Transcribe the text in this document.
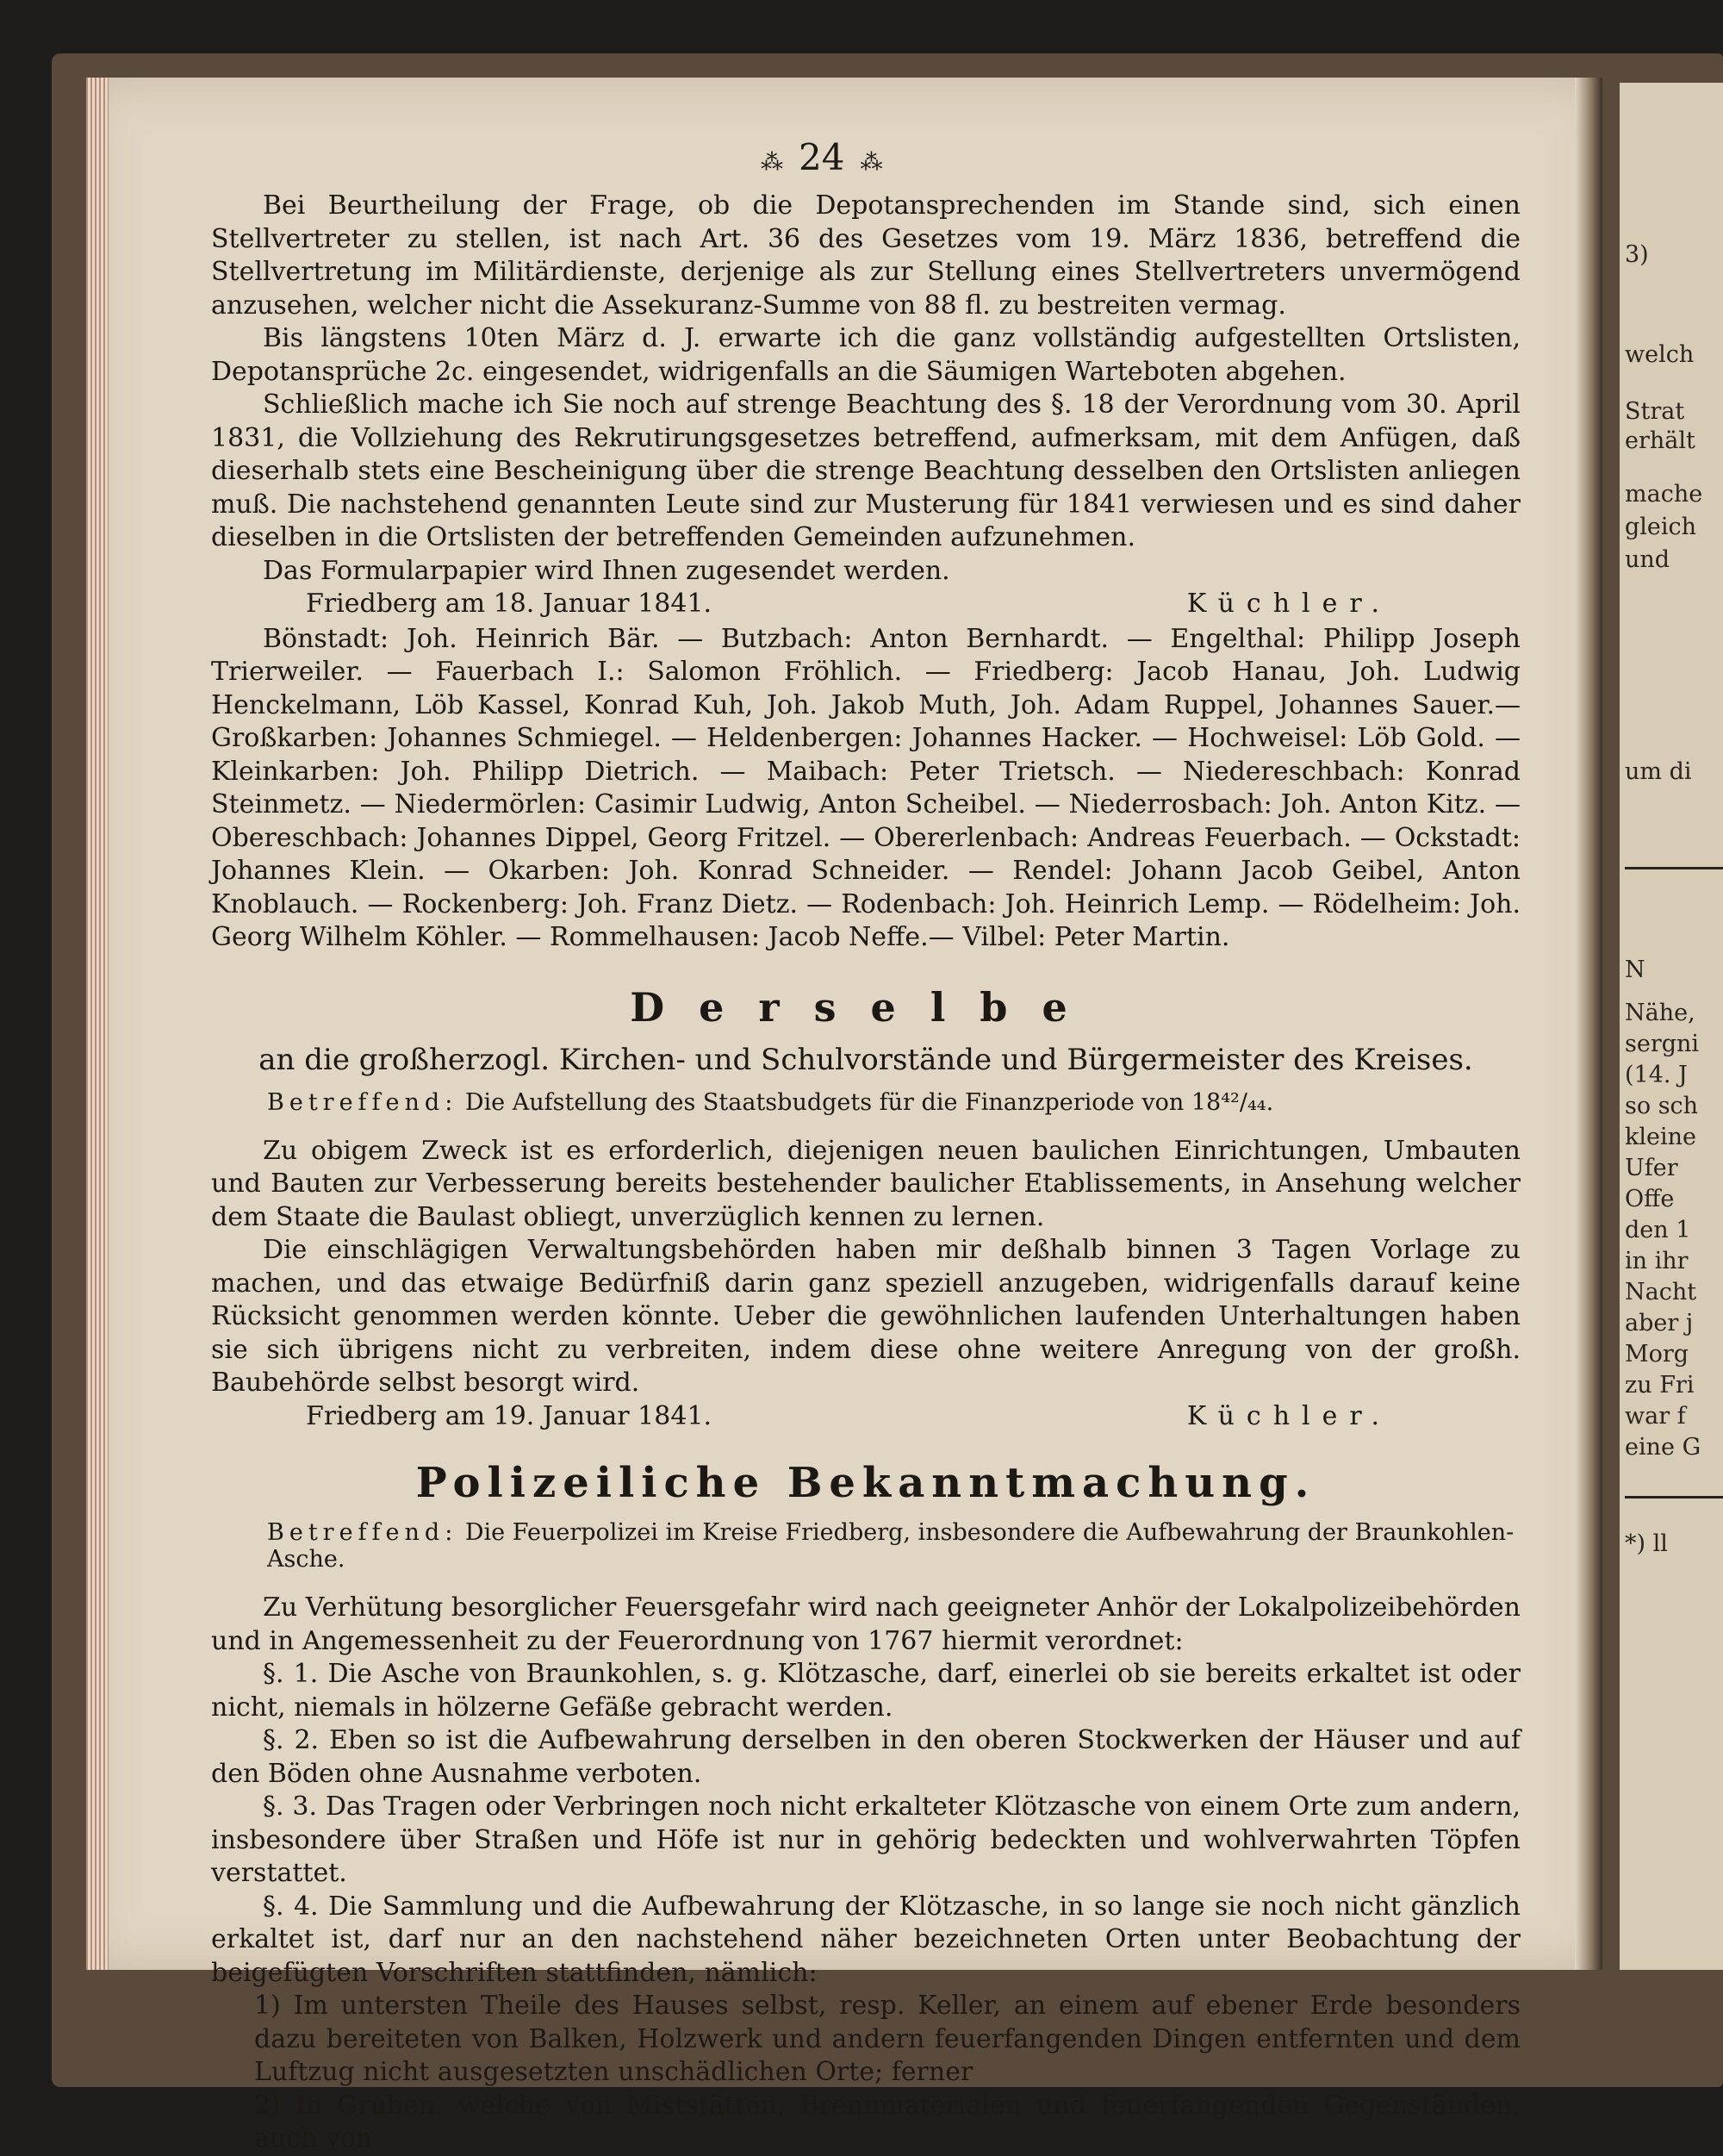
3)
welch
Strat
erhält
mache
gleich
und
um di
N
Nähe,
sergni
(14. J
so sch
kleine
Ufer
Offe
den 1
in ihr
Nacht
aber j
Morg
zu Fri
war f
eine G
*) ll
⁂ 24 ⁂

Bei Beurtheilung der Frage, ob die Depotansprechenden im Stande sind, sich einen Stellvertreter zu stellen, ist nach Art. 36 des Gesetzes vom 19. März 1836, betreffend die Stellvertretung im Militärdienste, derjenige als zur Stellung eines Stellvertreters unvermögend anzusehen, welcher nicht die Assekuranz-Summe von 88 fl. zu bestreiten vermag.

Bis längstens 10ten März d. J. erwarte ich die ganz vollständig aufgestellten Ortslisten, Depotansprüche 2c. eingesendet, widrigenfalls an die Säumigen Warteboten abgehen.

Schließlich mache ich Sie noch auf strenge Beachtung des §. 18 der Verordnung vom 30. April 1831, die Vollziehung des Rekrutirungsgesetzes betreffend, aufmerksam, mit dem Anfügen, daß dieserhalb stets eine Bescheinigung über die strenge Beachtung desselben den Ortslisten anliegen muß. Die nachstehend genannten Leute sind zur Musterung für 1841 verwiesen und es sind daher dieselben in die Ortslisten der betreffenden Gemeinden aufzunehmen.

Das Formularpapier wird Ihnen zugesendet werden.

Friedberg am 18. Januar 1841.	Küchler.

Bönstadt: Joh. Heinrich Bär. — Butzbach: Anton Bernhardt. — Engelthal: Philipp Joseph Trierweiler. — Fauerbach I.: Salomon Fröhlich. — Friedberg: Jacob Hanau, Joh. Ludwig Henckelmann, Löb Kassel, Konrad Kuh, Joh. Jakob Muth, Joh. Adam Ruppel, Johannes Sauer.— Großkarben: Johannes Schmiegel. — Heldenbergen: Johannes Hacker. — Hochweisel: Löb Gold. — Kleinkarben: Joh. Philipp Dietrich. — Maibach: Peter Trietsch. — Niedereschbach: Konrad Steinmetz. — Niedermörlen: Casimir Ludwig, Anton Scheibel. — Niederrosbach: Joh. Anton Kitz. — Obereschbach: Johannes Dippel, Georg Fritzel. — Obererlenbach: Andreas Feuerbach. — Ockstadt: Johannes Klein. — Okarben: Joh. Konrad Schneider. — Rendel: Johann Jacob Geibel, Anton Knoblauch. — Rockenberg: Joh. Franz Dietz. — Rodenbach: Joh. Heinrich Lemp. — Rödelheim: Joh. Georg Wilhelm Köhler. — Rommelhausen: Jacob Neffe.— Vilbel: Peter Martin.

Derselbe
an die großherzogl. Kirchen- und Schulvorstände und Bürgermeister des Kreises.
Betreffend: Die Aufstellung des Staatsbudgets für die Finanzperiode von 18⁴²/₄₄.

Zu obigem Zweck ist es erforderlich, diejenigen neuen baulichen Einrichtungen, Umbauten und Bauten zur Verbesserung bereits bestehender baulicher Etablissements, in Ansehung welcher dem Staate die Baulast obliegt, unverzüglich kennen zu lernen.

Die einschlägigen Verwaltungsbehörden haben mir deßhalb binnen 3 Tagen Vorlage zu machen, und das etwaige Bedürfniß darin ganz speziell anzugeben, widrigenfalls darauf keine Rücksicht genommen werden könnte. Ueber die gewöhnlichen laufenden Unterhaltungen haben sie sich übrigens nicht zu verbreiten, indem diese ohne weitere Anregung von der großh. Baubehörde selbst besorgt wird.

Friedberg am 19. Januar 1841.	Küchler.
Polizeiliche Bekanntmachung.
Betreffend: Die Feuerpolizei im Kreise Friedberg, insbesondere die Aufbewahrung der Braunkohlen-Asche.

Zu Verhütung besorglicher Feuersgefahr wird nach geeigneter Anhör der Lokalpolizeibehörden und in Angemessenheit zu der Feuerordnung von 1767 hiermit verordnet:

§. 1. Die Asche von Braunkohlen, s. g. Klötzasche, darf, einerlei ob sie bereits erkaltet ist oder nicht, niemals in hölzerne Gefäße gebracht werden.

§. 2. Eben so ist die Aufbewahrung derselben in den oberen Stockwerken der Häuser und auf den Böden ohne Ausnahme verboten.

§. 3. Das Tragen oder Verbringen noch nicht erkalteter Klötzasche von einem Orte zum andern, insbesondere über Straßen und Höfe ist nur in gehörig bedeckten und wohlverwahrten Töpfen verstattet.

§. 4. Die Sammlung und die Aufbewahrung der Klötzasche, in so lange sie noch nicht gänzlich erkaltet ist, darf nur an den nachstehend näher bezeichneten Orten unter Beobachtung der beigefügten Vorschriften stattfinden, nämlich:

1) Im untersten Theile des Hauses selbst, resp. Keller, an einem auf ebener Erde besonders dazu bereiteten von Balken, Holzwerk und andern feuerfangenden Dingen entfernten und dem Luftzug nicht ausgesetzten unschädlichen Orte; ferner

2) In Gruben, welche von Miststätten, Brennmaterialen und feuerfangenden Gegenständen, auch von
